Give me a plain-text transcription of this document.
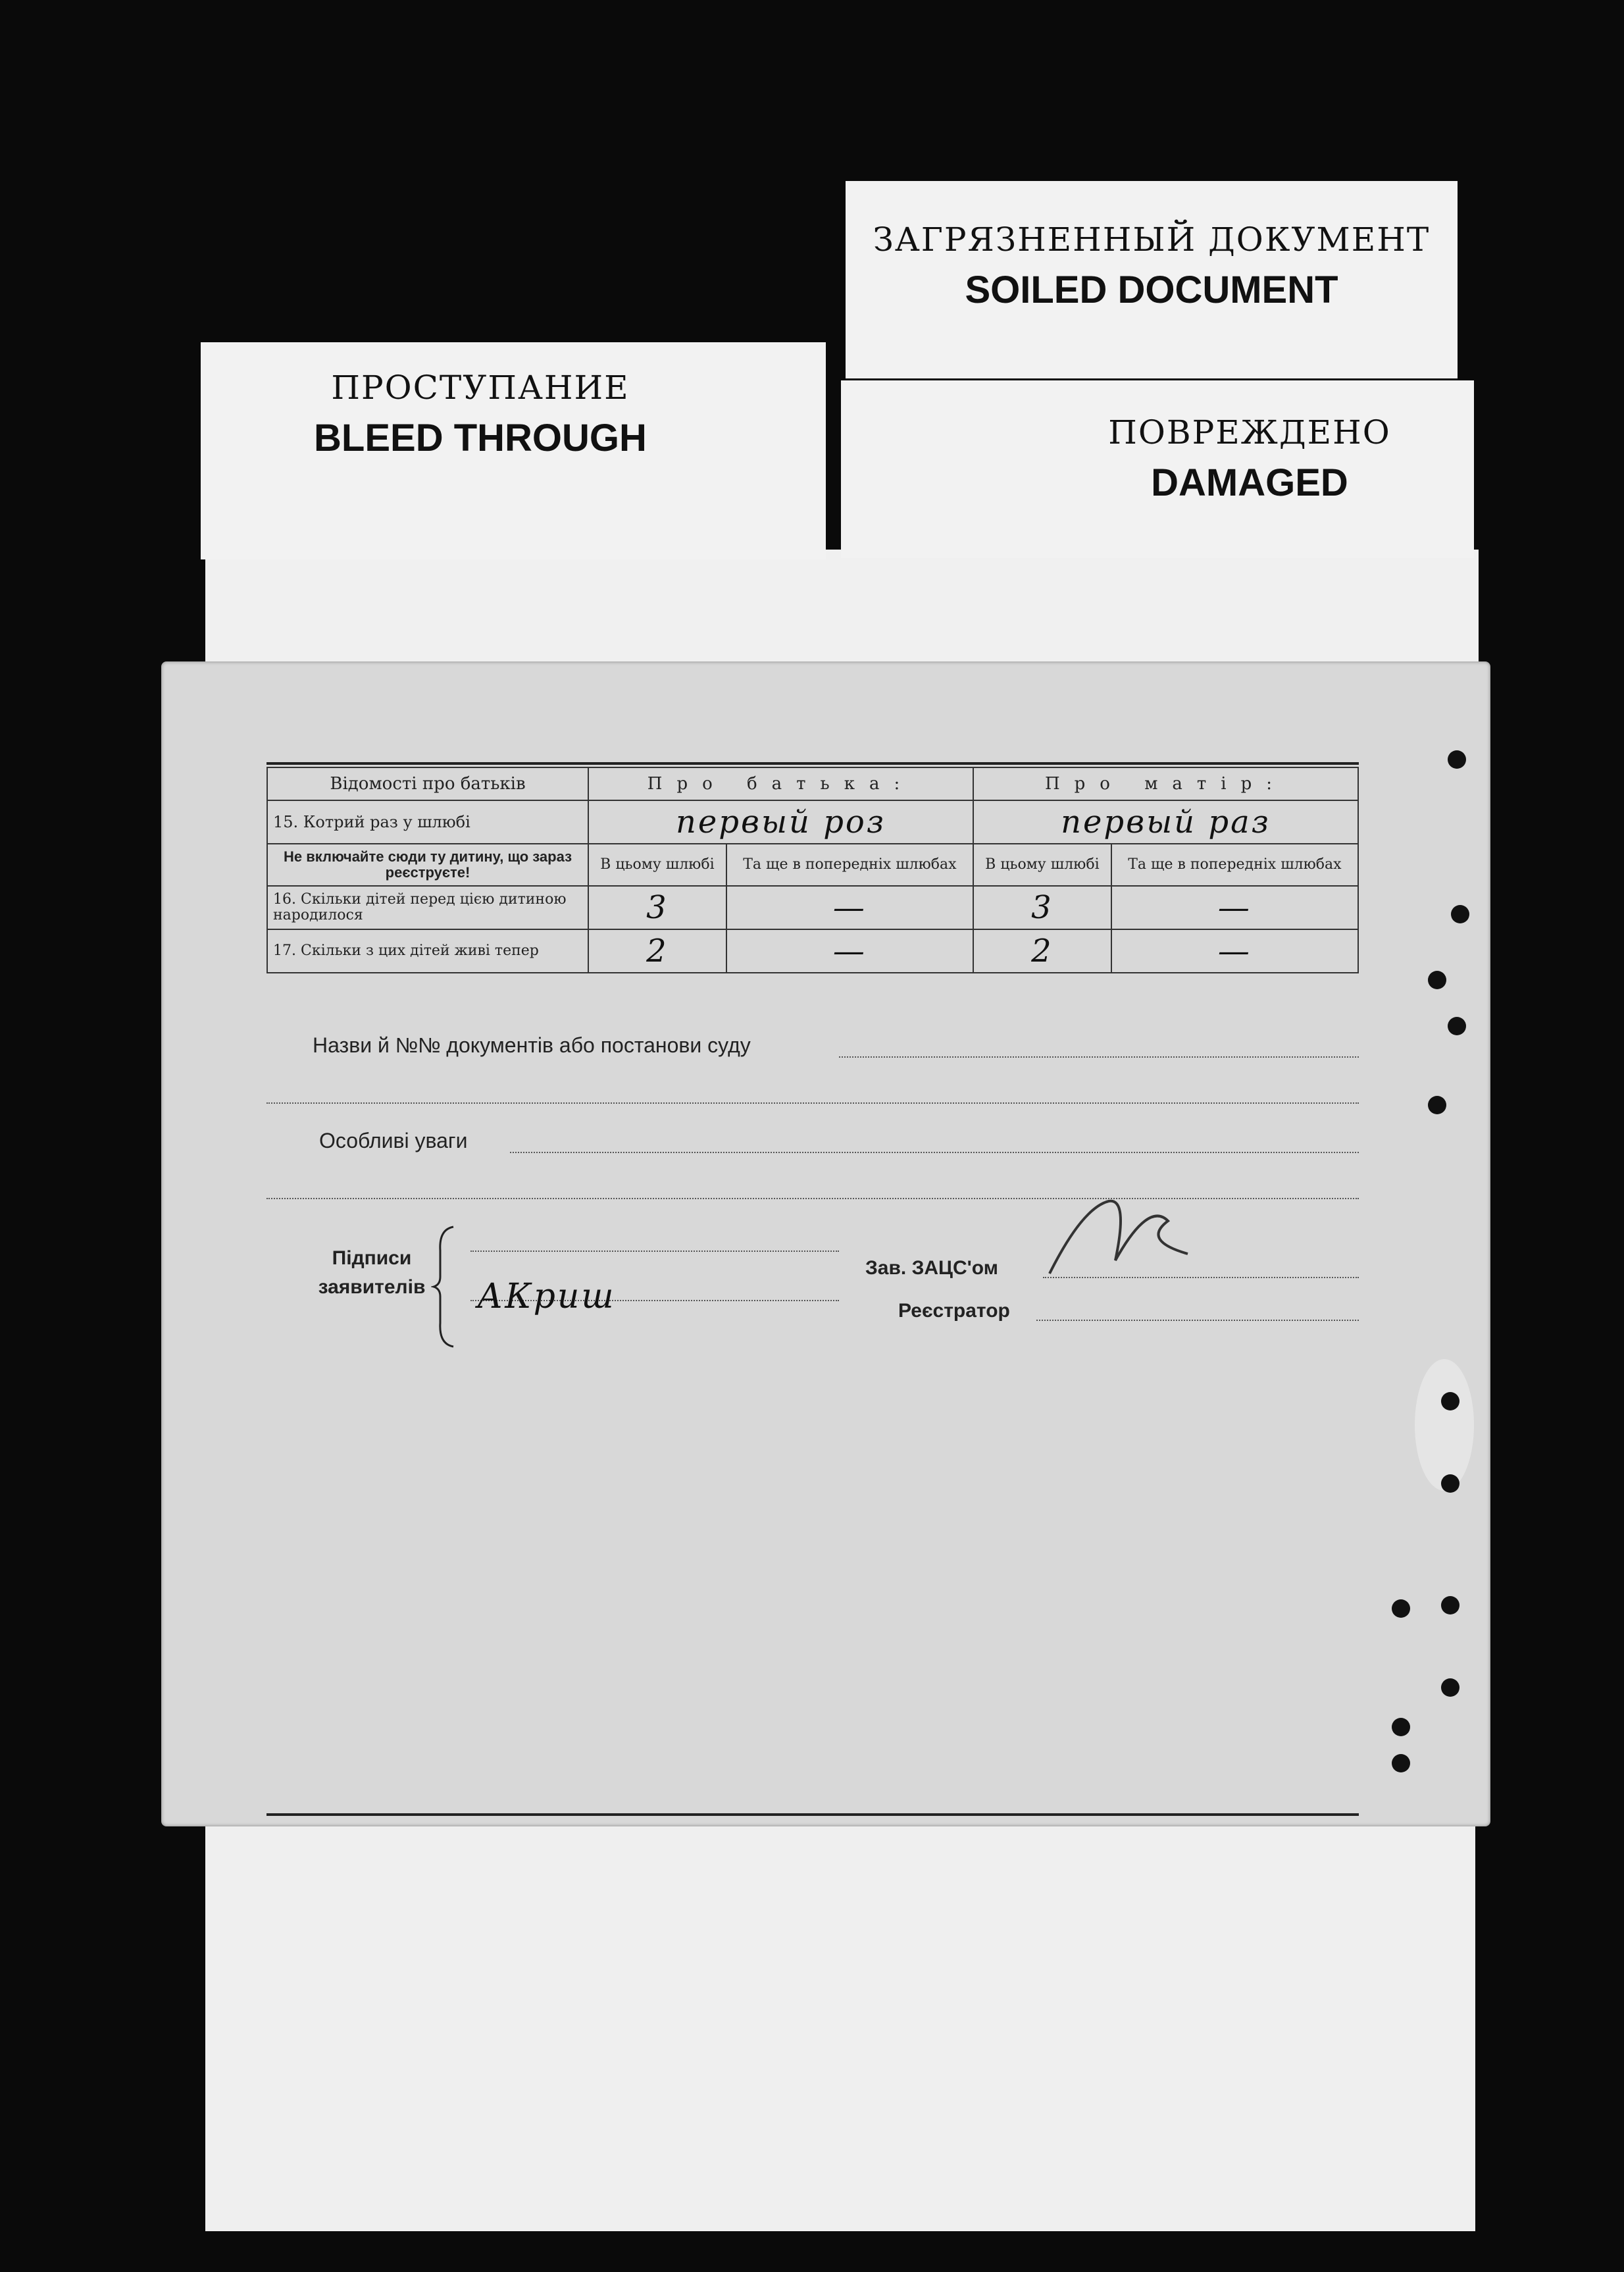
ЗАГРЯЗНЕННЫЙ ДОКУМЕНТ
SOILED DOCUMENT
ПОВРЕЖДЕНО
DAMAGED
ПРОСТУПАНИЕ
BLEED THROUGH
Відомості про батьків	Про батька:		Про матір:	
15. Котрий раз у шлюбі	первый роз		первый раз	
Не включайте сюди ту дитину, що зараз реєструєте!	В цьому шлюбі	Та ще в попередніх шлюбах	В цьому шлюбі	Та ще в попередніх шлюбах
16. Скільки дітей перед цією дитиною народилося	3	—	3	—
17. Скільки з цих дітей живі тепер	2	—	2	—
Назви й №№ документів або постанови суду
Особливі уваги
Підписи
заявителів	АКриш
Зав. ЗАЦС'ом
Реєстратор
